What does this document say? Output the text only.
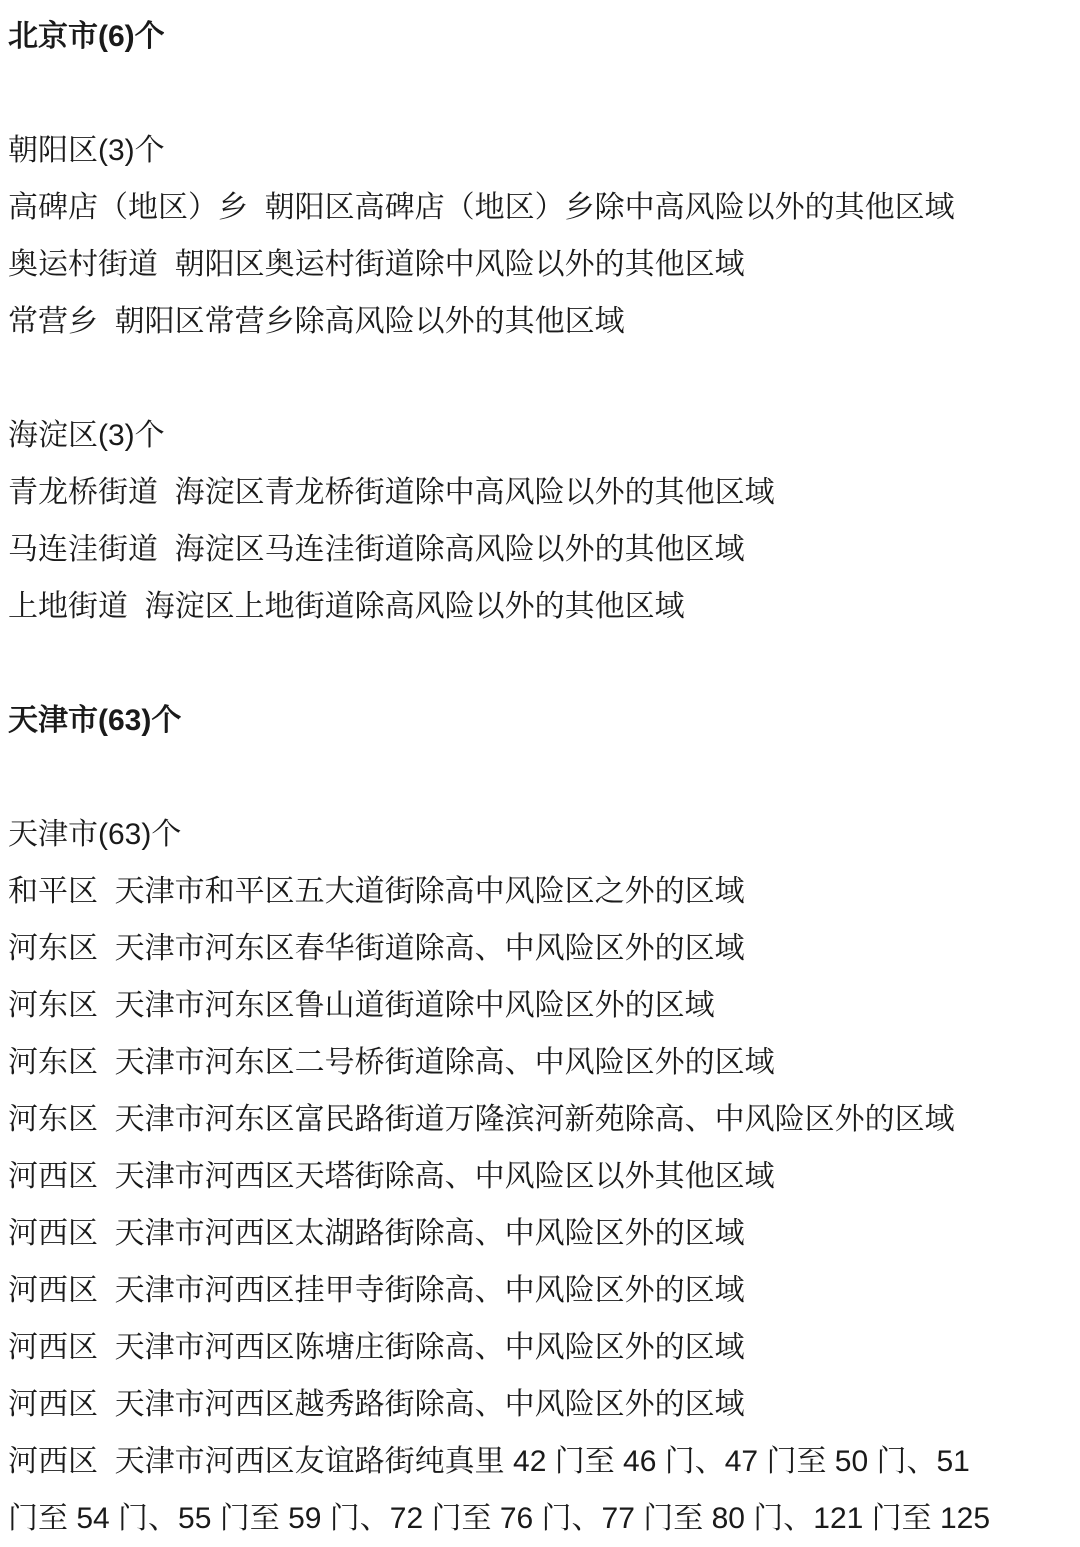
北京市(6)个
朝阳区(3)个
高碑店（地区）乡  朝阳区高碑店（地区）乡除中高风险以外的其他区域
奥运村街道  朝阳区奥运村街道除中风险以外的其他区域
常营乡  朝阳区常营乡除高风险以外的其他区域
海淀区(3)个
青龙桥街道  海淀区青龙桥街道除中高风险以外的其他区域
马连洼街道  海淀区马连洼街道除高风险以外的其他区域
上地街道  海淀区上地街道除高风险以外的其他区域
天津市(63)个
天津市(63)个
和平区  天津市和平区五大道街除高中风险区之外的区域
河东区  天津市河东区春华街道除高、中风险区外的区域
河东区  天津市河东区鲁山道街道除中风险区外的区域
河东区  天津市河东区二号桥街道除高、中风险区外的区域
河东区  天津市河东区富民路街道万隆滨河新苑除高、中风险区外的区域
河西区  天津市河西区天塔街除高、中风险区以外其他区域
河西区  天津市河西区太湖路街除高、中风险区外的区域
河西区  天津市河西区挂甲寺街除高、中风险区外的区域
河西区  天津市河西区陈塘庄街除高、中风险区外的区域
河西区  天津市河西区越秀路街除高、中风险区外的区域
河西区  天津市河西区友谊路街纯真里 42 门至 46 门、47 门至 50 门、51
门至 54 门、55 门至 59 门、72 门至 76 门、77 门至 80 门、121 门至 125
